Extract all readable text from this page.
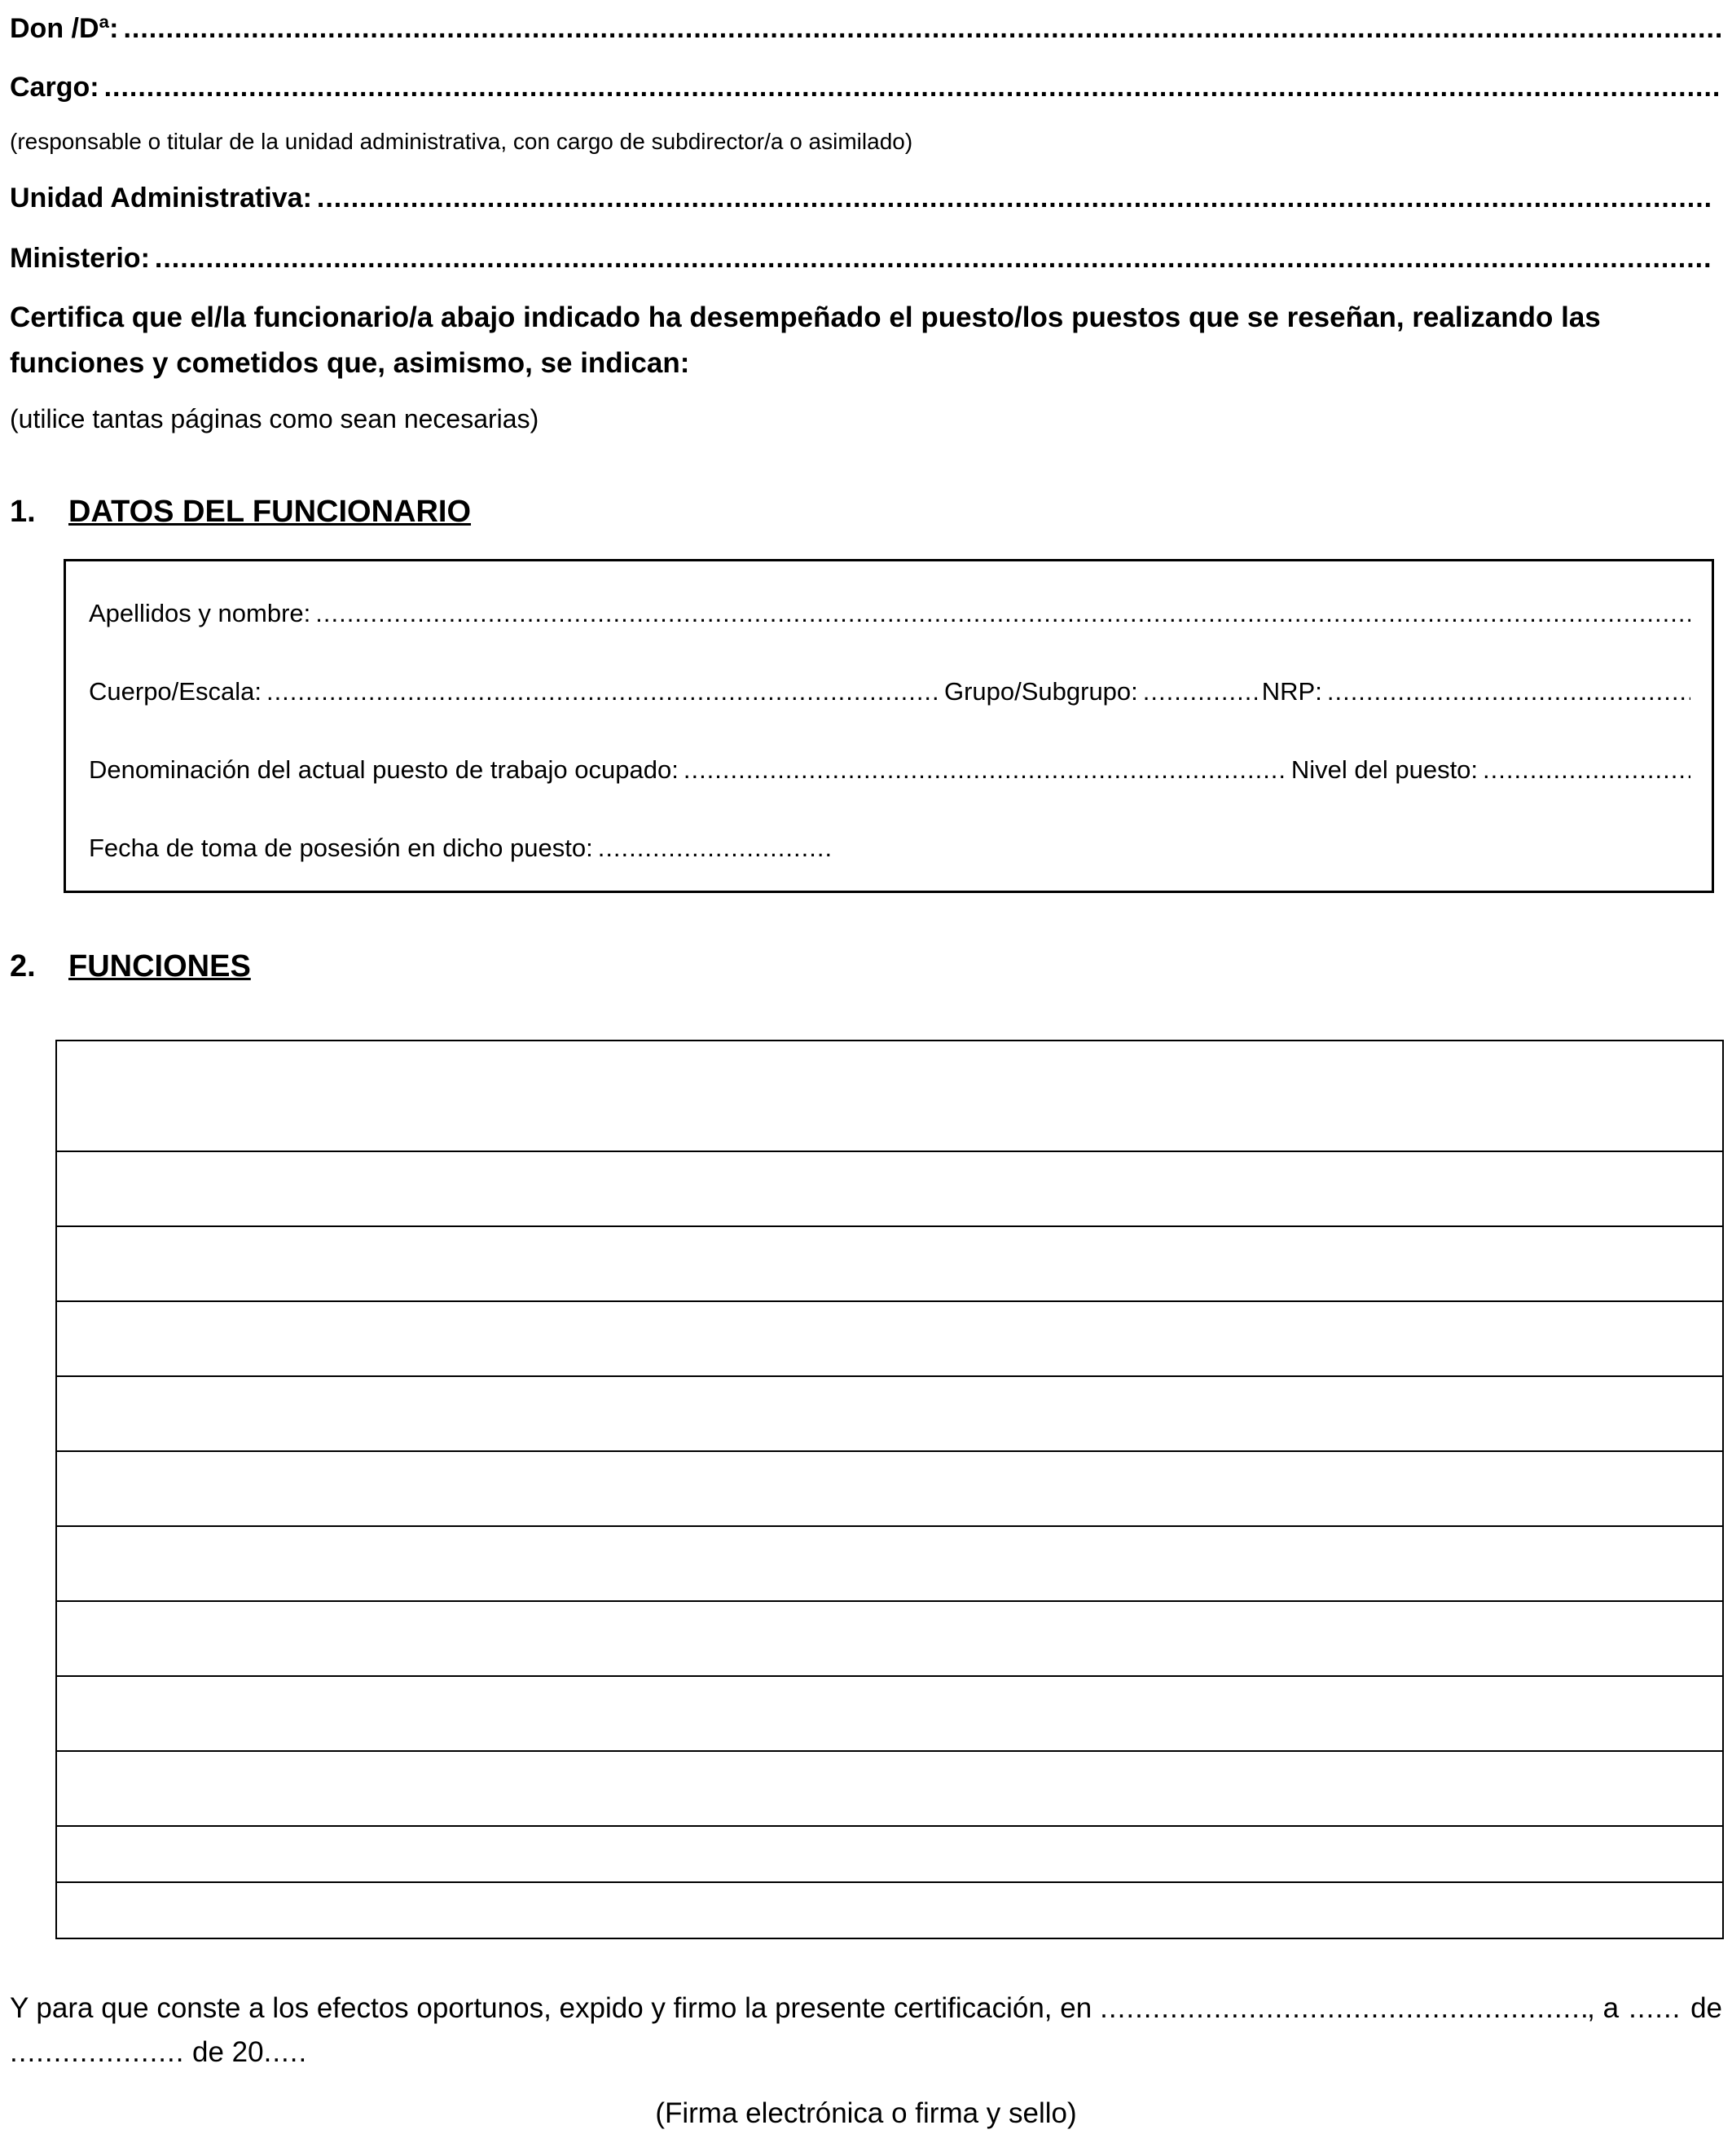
Don /Dª:
.....
Cargo:
.....
(responsable o titular de la unidad administrativa, con cargo de subdirector/a o asimilado)
Unidad Administrativa:
.....
Ministerio:
.....
Certifica que el/la funcionario/a abajo indicado ha desempeñado el puesto/los puestos que se reseñan, realizando las funciones y cometidos que, asimismo, se indican:
(utilice tantas páginas como sean necesarias)
1. DATOS DEL FUNCIONARIO
Apellidos y nombre:
.....
Cuerpo/Escala: .....	Grupo/Subgrupo: .....	NRP:
.....
Denominación del actual puesto de trabajo ocupado: .....	Nivel del puesto:
.....
Fecha de toma de posesión en dicho puesto:
.....
2. FUNCIONES

Y para que conste a los efectos oportunos, expido y firmo la presente certificación, en .....	, a .....	de
.....
de 20
.....
(Firma electrónica o firma y sello)
